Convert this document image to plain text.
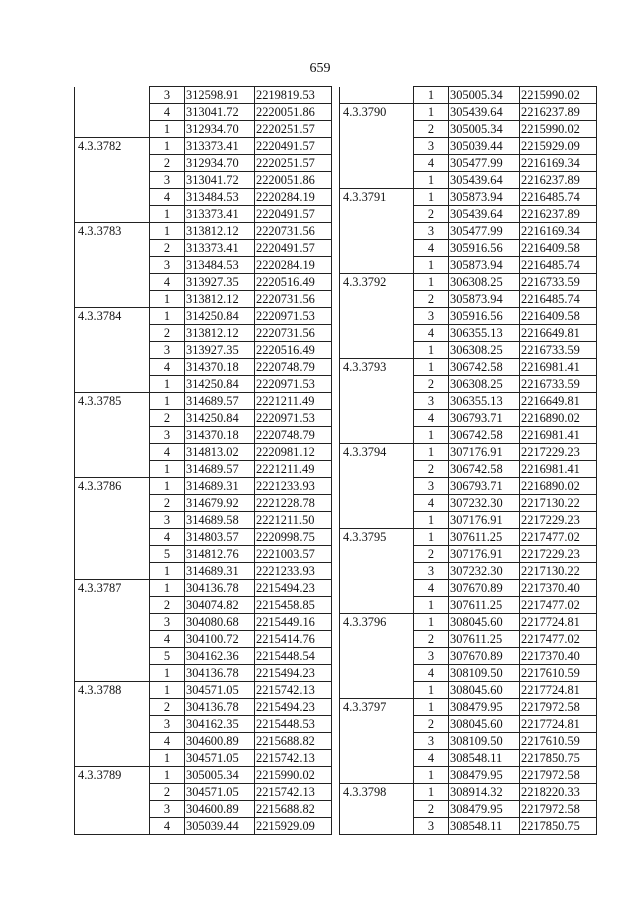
659
	3	312598.91	2219819.53
	4	313041.72	2220051.86
	1	312934.70	2220251.57
4.3.3782	1	313373.41	2220491.57
	2	312934.70	2220251.57
	3	313041.72	2220051.86
	4	313484.53	2220284.19
	1	313373.41	2220491.57
4.3.3783	1	313812.12	2220731.56
	2	313373.41	2220491.57
	3	313484.53	2220284.19
	4	313927.35	2220516.49
	1	313812.12	2220731.56
4.3.3784	1	314250.84	2220971.53
	2	313812.12	2220731.56
	3	313927.35	2220516.49
	4	314370.18	2220748.79
	1	314250.84	2220971.53
4.3.3785	1	314689.57	2221211.49
	2	314250.84	2220971.53
	3	314370.18	2220748.79
	4	314813.02	2220981.12
	1	314689.57	2221211.49
4.3.3786	1	314689.31	2221233.93
	2	314679.92	2221228.78
	3	314689.58	2221211.50
	4	314803.57	2220998.75
	5	314812.76	2221003.57
	1	314689.31	2221233.93
4.3.3787	1	304136.78	2215494.23
	2	304074.82	2215458.85
	3	304080.68	2215449.16
	4	304100.72	2215414.76
	5	304162.36	2215448.54
	1	304136.78	2215494.23
4.3.3788	1	304571.05	2215742.13
	2	304136.78	2215494.23
	3	304162.35	2215448.53
	4	304600.89	2215688.82
	1	304571.05	2215742.13
4.3.3789	1	305005.34	2215990.02
	2	304571.05	2215742.13
	3	304600.89	2215688.82
	4	305039.44	2215929.09
	1	305005.34	2215990.02
4.3.3790	1	305439.64	2216237.89
	2	305005.34	2215990.02
	3	305039.44	2215929.09
	4	305477.99	2216169.34
	1	305439.64	2216237.89
4.3.3791	1	305873.94	2216485.74
	2	305439.64	2216237.89
	3	305477.99	2216169.34
	4	305916.56	2216409.58
	1	305873.94	2216485.74
4.3.3792	1	306308.25	2216733.59
	2	305873.94	2216485.74
	3	305916.56	2216409.58
	4	306355.13	2216649.81
	1	306308.25	2216733.59
4.3.3793	1	306742.58	2216981.41
	2	306308.25	2216733.59
	3	306355.13	2216649.81
	4	306793.71	2216890.02
	1	306742.58	2216981.41
4.3.3794	1	307176.91	2217229.23
	2	306742.58	2216981.41
	3	306793.71	2216890.02
	4	307232.30	2217130.22
	1	307176.91	2217229.23
4.3.3795	1	307611.25	2217477.02
	2	307176.91	2217229.23
	3	307232.30	2217130.22
	4	307670.89	2217370.40
	1	307611.25	2217477.02
4.3.3796	1	308045.60	2217724.81
	2	307611.25	2217477.02
	3	307670.89	2217370.40
	4	308109.50	2217610.59
	1	308045.60	2217724.81
4.3.3797	1	308479.95	2217972.58
	2	308045.60	2217724.81
	3	308109.50	2217610.59
	4	308548.11	2217850.75
	1	308479.95	2217972.58
4.3.3798	1	308914.32	2218220.33
	2	308479.95	2217972.58
	3	308548.11	2217850.75
